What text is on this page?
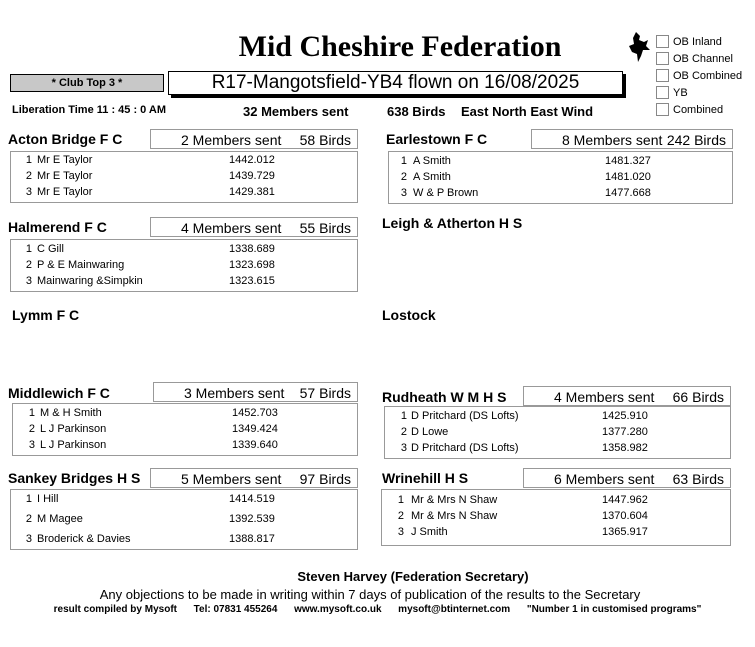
Mid Cheshire Federation	OB Inland
OB Channel
OB Combined
YB
Combined
* Club Top 3 *	R17-Mangotsfield-YB4 flown on 16/08/2025
Liberation Time 11 : 45 : 0 AM	32 Members sent	638 Birds East North East Wind
Acton Bridge F C	2 Members sent 58 Birds
1 Mr E Taylor	1442.012
2 Mr E Taylor	1439.729
3 Mr E Taylor	1429.381
Earlestown F C	8 Members sent 242 Birds
1 A Smith	1481.327
2 A Smith	1481.020
3 W & P Brown	1477.668
Halmerend F C	4 Members sent 55 Birds
1 C Gill	1338.689
2 P & E Mainwaring	1323.698
3 Mainwaring &Simpkin	1323.615
Leigh & Atherton H S
Lymm F C	Lostock
Middlewich F C	3 Members sent 57 Birds
1 M & H Smith	1452.703
2 L J Parkinson	1349.424
3 L J Parkinson	1339.640
Rudheath W M H S	4 Members sent 66 Birds
1 D Pritchard (DS Lofts)	1425.910
2 D Lowe	1377.280
3 D Pritchard (DS Lofts)	1358.982
Sankey Bridges H S	5 Members sent 97 Birds
1 I Hill	1414.519
2 M Magee	1392.539
3 Broderick & Davies	1388.817
Wrinehill H S	6 Members sent 63 Birds
1 Mr & Mrs N Shaw	1447.962
2 Mr & Mrs N Shaw	1370.604
3 J Smith	1365.917
Steven Harvey (Federation Secretary)
Any objections to be made in writing within 7 days of publication of the results to the Secretary
result compiled by Mysoft      Tel: 07831 455264      www.mysoft.co.uk      mysoft@btinternet.com      "Number 1 in customised programs"
